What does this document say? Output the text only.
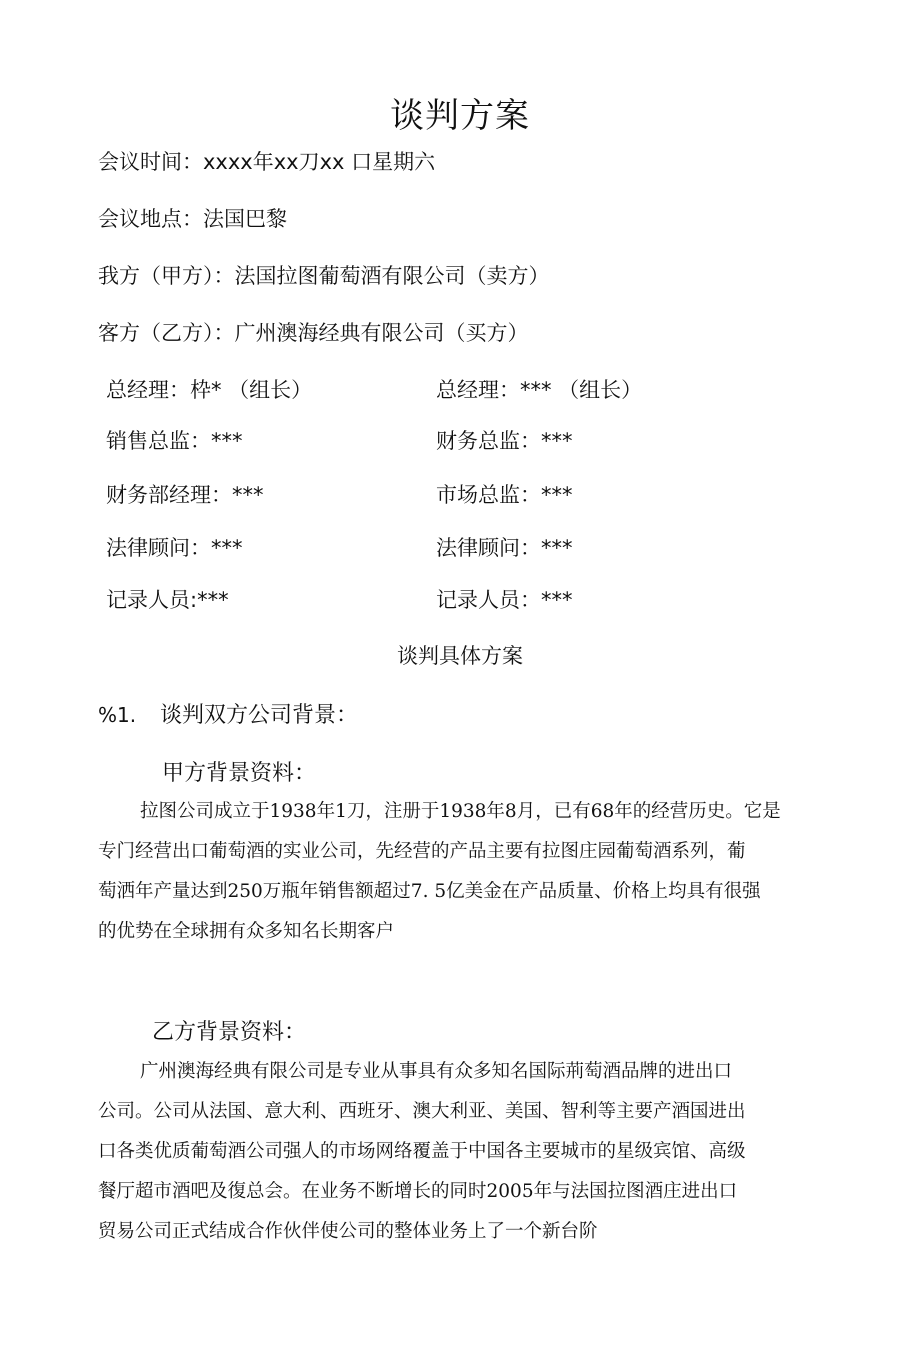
谈判方案
会议时间：xxxx年xx刀xx 口星期六
会议地点：法国巴黎
我方（甲方）：法国拉图葡萄酒有限公司（卖方）
客方（乙方）：广州澳海经典有限公司（买方）
总经理：枠* （组长）	总经理：*** （组长）
销售总监：***	财务总监：***
财务部经理：***	市场总监：***
法律顾问：***	法律顾问：***
记录人员:***	记录人员：***
谈判具体方案
%1. 谈判双方公司背景：
甲方背景资料：
拉图公司成立于1938年1刀，注册于1938年8月，已有68年的经营历史。它是
专门经营出口葡萄酒的实业公司，先经营的产品主要有拉图庄园葡萄酒系列，葡
萄洒年产量达到250万瓶年销售额超过7. 5亿美金在产品质量、价格上均具有很强
的优势在全球拥有众多知名长期客户
乙方背景资料：
广州澳海经典有限公司是专业从事具有众多知名国际荊萄酒品牌的进出口
公司。公司从法国、意大利、西班牙、澳大利亚、美国、智利等主要产酒国进出
口各类优质葡萄酒公司强人的市场网络覆盖于中国各主要城市的星级宾馆、高级
餐厅超市酒吧及復总会。在业务不断增长的同时2005年与法国拉图酒庄进出口
贸易公司正式结成合作伙伴使公司的整体业务上了一个新台阶
